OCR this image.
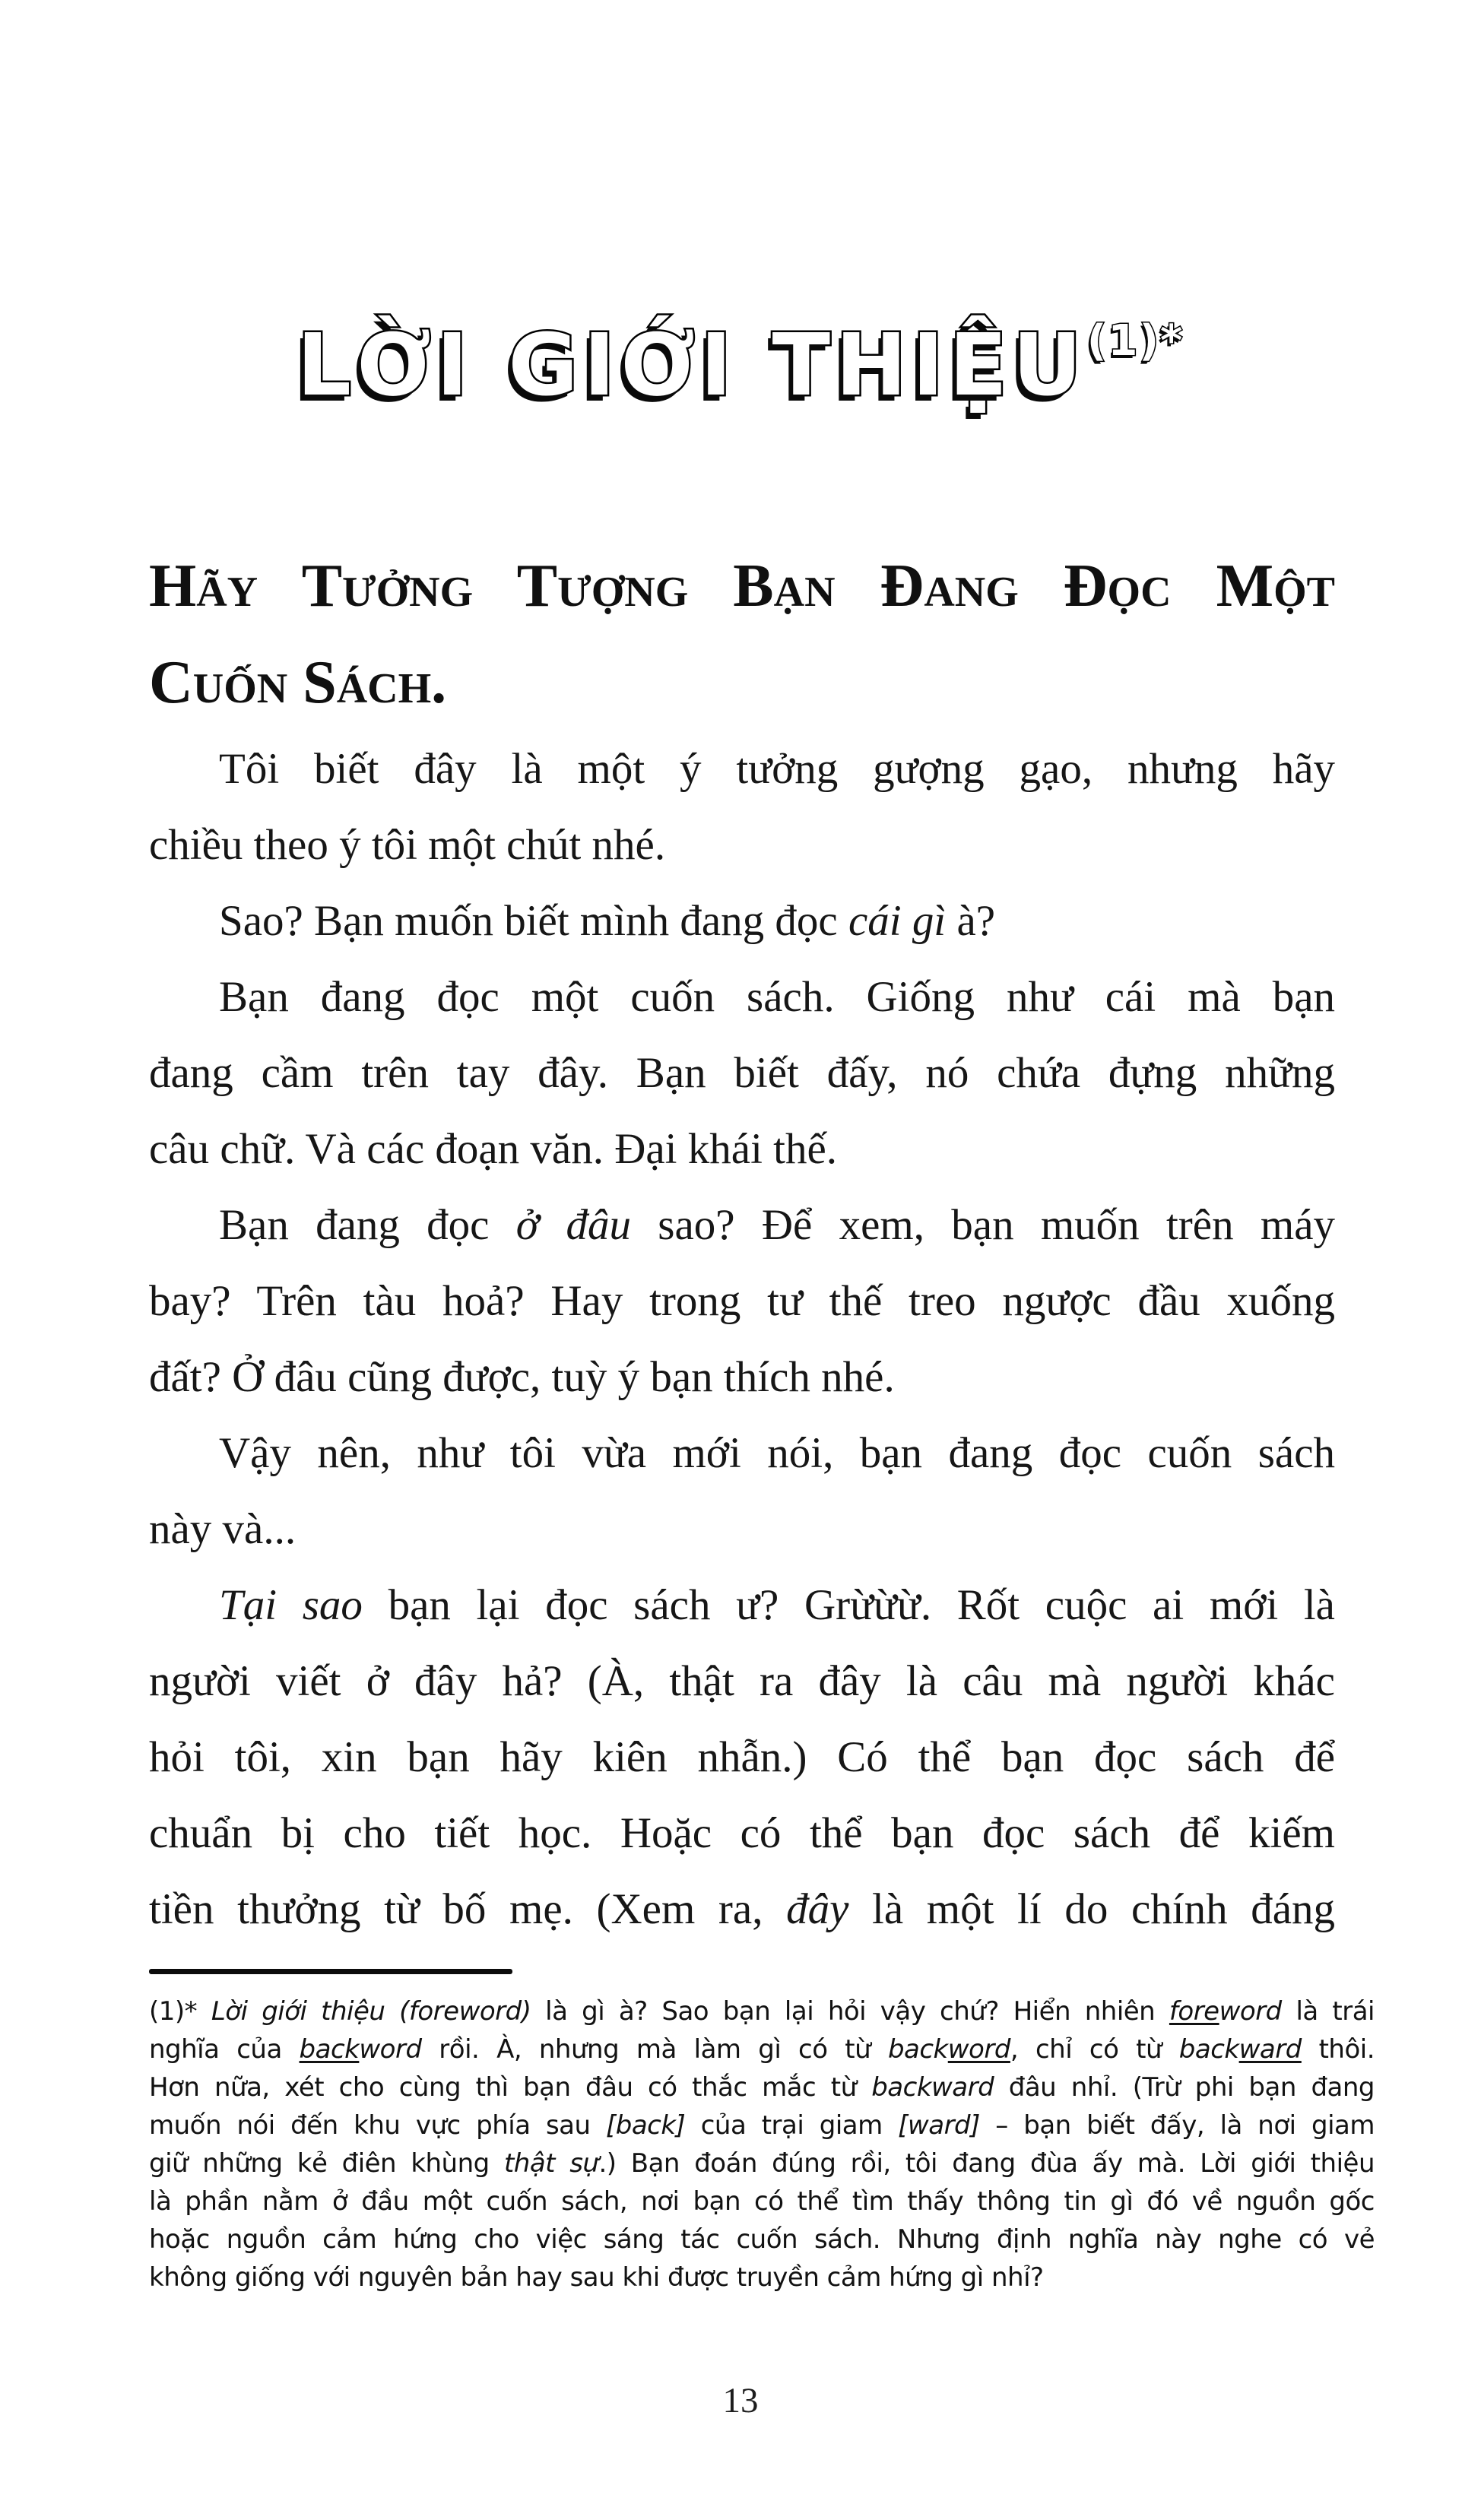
LỜI GIỚI THIỆU(1)*
Hãy Tưởng Tượng Bạn Đang Đọc Một
Cuốn Sách.
Tôi biết đây là một ý tưởng gượng gạo, nhưng hãy
chiều theo ý tôi một chút nhé.
Sao? Bạn muốn biết mình đang đọc cái gì à?
Bạn đang đọc một cuốn sách. Giống như cái mà bạn
đang cầm trên tay đây. Bạn biết đấy, nó chứa đựng những
câu chữ. Và các đoạn văn. Đại khái thế.
Bạn đang đọc ở đâu sao? Để xem, bạn muốn trên máy
bay? Trên tàu hoả? Hay trong tư thế treo ngược đầu xuống
đất? Ở đâu cũng được, tuỳ ý bạn thích nhé.
Vậy nên, như tôi vừa mới nói, bạn đang đọc cuốn sách
này và...
Tại sao bạn lại đọc sách ư? Grừừừ. Rốt cuộc ai mới là
người viết ở đây hả? (À, thật ra đây là câu mà người khác
hỏi tôi, xin bạn hãy kiên nhẫn.) Có thể bạn đọc sách để
chuẩn bị cho tiết học. Hoặc có thể bạn đọc sách để kiếm
tiền thưởng từ bố mẹ. (Xem ra, đây là một lí do chính đáng
(1)* Lời giới thiệu (foreword) là gì à? Sao bạn lại hỏi vậy chứ? Hiển nhiên foreword là trái
nghĩa của backword rồi. À, nhưng mà làm gì có từ backword, chỉ có từ backward thôi.
Hơn nữa, xét cho cùng thì bạn đâu có thắc mắc từ backward đâu nhỉ. (Trừ phi bạn đang
muốn nói đến khu vực phía sau [back] của trại giam [ward] – bạn biết đấy, là nơi giam
giữ những kẻ điên khùng thật sự.) Bạn đoán đúng rồi, tôi đang đùa ấy mà. Lời giới thiệu
là phần nằm ở đầu một cuốn sách, nơi bạn có thể tìm thấy thông tin gì đó về nguồn gốc
hoặc nguồn cảm hứng cho việc sáng tác cuốn sách. Nhưng định nghĩa này nghe có vẻ
không giống với nguyên bản hay sau khi được truyền cảm hứng gì nhỉ?
13
